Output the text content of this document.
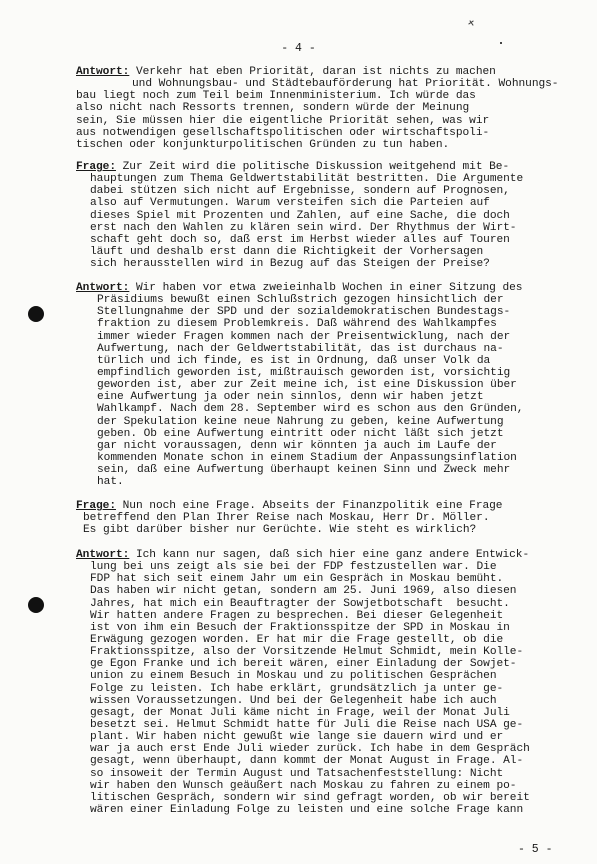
- 4 -
Antwort: Verkehr hat eben Priorität, daran ist nichts zu machen
und Wohnungsbau- und Städtebauförderung hat Priorität. Wohnungs-
bau liegt noch zum Teil beim Innenministerium. Ich würde das
also nicht nach Ressorts trennen, sondern würde der Meinung
sein, Sie müssen hier die eigentliche Priorität sehen, was wir
aus notwendigen gesellschaftspolitischen oder wirtschaftspoli-
tischen oder konjunkturpolitischen Gründen zu tun haben.
Frage: Zur Zeit wird die politische Diskussion weitgehend mit Be-
hauptungen zum Thema Geldwertstabilität bestritten. Die Argumente
dabei stützen sich nicht auf Ergebnisse, sondern auf Prognosen,
also auf Vermutungen. Warum versteifen sich die Parteien auf
dieses Spiel mit Prozenten und Zahlen, auf eine Sache, die doch
erst nach den Wahlen zu klären sein wird. Der Rhythmus der Wirt-
schaft geht doch so, daß erst im Herbst wieder alles auf Touren
läuft und deshalb erst dann die Richtigkeit der Vorhersagen
sich herausstellen wird in Bezug auf das Steigen der Preise?
Antwort: Wir haben vor etwa zweieinhalb Wochen in einer Sitzung des
Präsidiums bewußt einen Schlußstrich gezogen hinsichtlich der
Stellungnahme der SPD und der sozialdemokratischen Bundestags-
fraktion zu diesem Problemkreis. Daß während des Wahlkampfes
immer wieder Fragen kommen nach der Preisentwicklung, nach der
Aufwertung, nach der Geldwertstabilität, das ist durchaus na-
türlich und ich finde, es ist in Ordnung, daß unser Volk da
empfindlich geworden ist, mißtrauisch geworden ist, vorsichtig
geworden ist, aber zur Zeit meine ich, ist eine Diskussion über
eine Aufwertung ja oder nein sinnlos, denn wir haben jetzt
Wahlkampf. Nach dem 28. September wird es schon aus den Gründen,
der Spekulation keine neue Nahrung zu geben, keine Aufwertung
geben. Ob eine Aufwertung eintritt oder nicht läßt sich jetzt
gar nicht voraussagen, denn wir könnten ja auch im Laufe der
kommenden Monate schon in einem Stadium der Anpassungsinflation
sein, daß eine Aufwertung überhaupt keinen Sinn und Zweck mehr
hat.
Frage: Nun noch eine Frage. Abseits der Finanzpolitik eine Frage
betreffend den Plan Ihrer Reise nach Moskau, Herr Dr. Möller.
Es gibt darüber bisher nur Gerüchte. Wie steht es wirklich?
Antwort: Ich kann nur sagen, daß sich hier eine ganz andere Entwick-
lung bei uns zeigt als sie bei der FDP festzustellen war. Die
FDP hat sich seit einem Jahr um ein Gespräch in Moskau bemüht.
Das haben wir nicht getan, sondern am 25. Juni 1969, also diesen
Jahres, hat mich ein Beauftragter der Sowjetbotschaft  besucht.
Wir hatten andere Fragen zu besprechen. Bei dieser Gelegenheit
ist von ihm ein Besuch der Fraktionsspitze der SPD in Moskau in
Erwägung gezogen worden. Er hat mir die Frage gestellt, ob die
Fraktionsspitze, also der Vorsitzende Helmut Schmidt, mein Kolle-
ge Egon Franke und ich bereit wären, einer Einladung der Sowjet-
union zu einem Besuch in Moskau und zu politischen Gesprächen
Folge zu leisten. Ich habe erklärt, grundsätzlich ja unter ge-
wissen Voraussetzungen. Und bei der Gelegenheit habe ich auch
gesagt, der Monat Juli käme nicht in Frage, weil der Monat Juli
besetzt sei. Helmut Schmidt hatte für Juli die Reise nach USA ge-
plant. Wir haben nicht gewußt wie lange sie dauern wird und er
war ja auch erst Ende Juli wieder zurück. Ich habe in dem Gespräch
gesagt, wenn überhaupt, dann kommt der Monat August in Frage. Al-
so insoweit der Termin August und Tatsachenfeststellung: Nicht
wir haben den Wunsch geäußert nach Moskau zu fahren zu einem po-
litischen Gespräch, sondern wir sind gefragt worden, ob wir bereit
wären einer Einladung Folge zu leisten und eine solche Frage kann
- 5 -
